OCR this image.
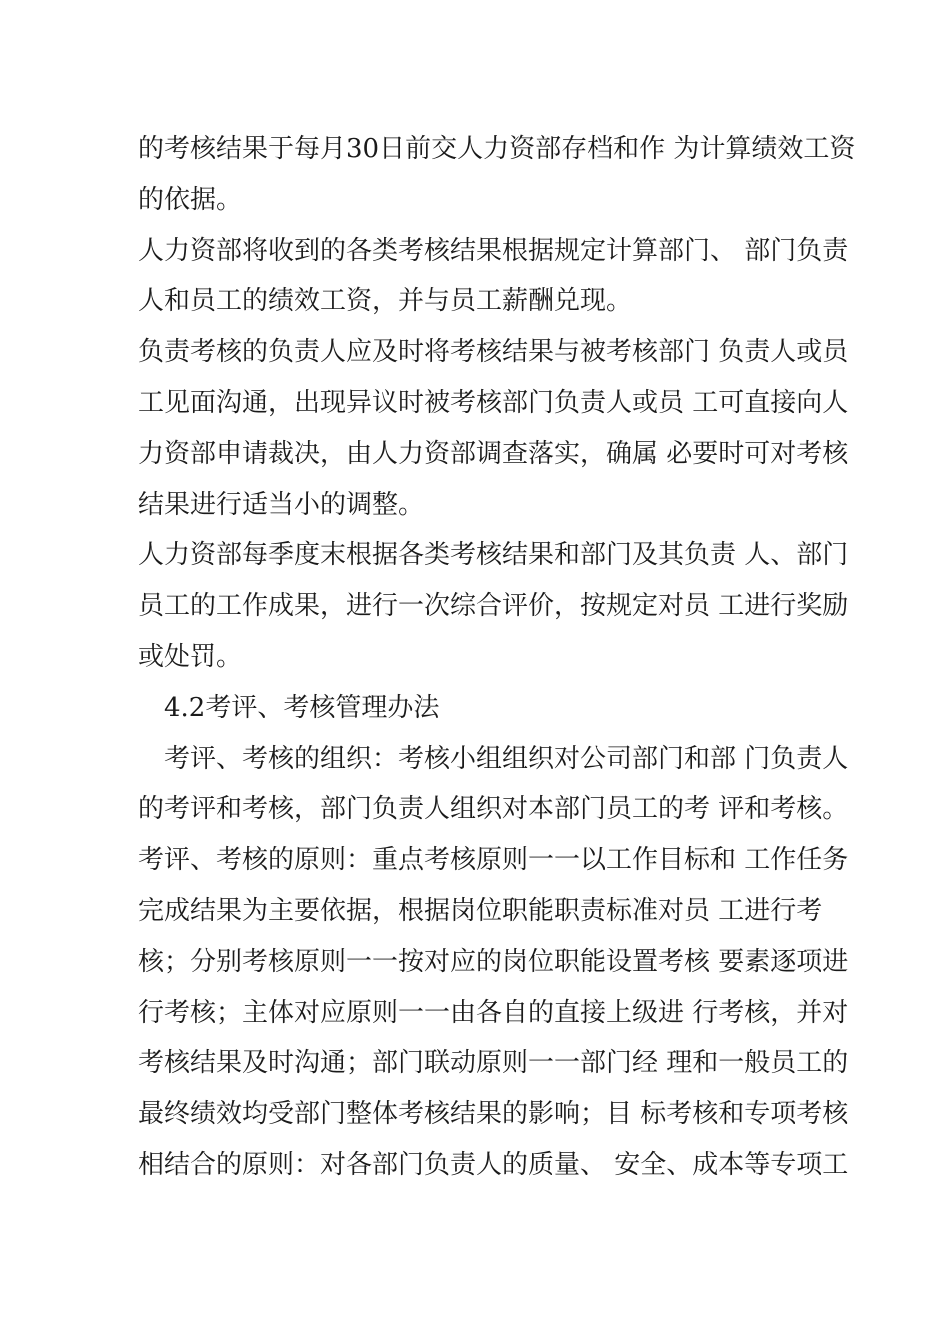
的考核结果于每月30日前交人力资部存档和作 为计算绩效工资
的依据。
人力资部将收到的各类考核结果根据规定计算部门、 部门负责
人和员工的绩效工资，并与员工薪酬兑现。
负责考核的负责人应及时将考核结果与被考核部门 负责人或员
工见面沟通，出现异议时被考核部门负责人或员 工可直接向人
力资部申请裁决，由人力资部调查落实，确属 必要时可对考核
结果进行适当小的调整。
人力资部每季度末根据各类考核结果和部门及其负责 人、部门
员工的工作成果，进行一次综合评价，按规定对员 工进行奖励
或处罚。
4.2考评、考核管理办法
考评、考核的组织：考核小组组织对公司部门和部 门负责人
的考评和考核，部门负责人组织对本部门员工的考 评和考核。
考评、考核的原则：重点考核原则一一以工作目标和 工作任务
完成结果为主要依据，根据岗位职能职责标准对员 工进行考
核；分别考核原则一一按对应的岗位职能设置考核 要素逐项进
行考核；主体对应原则一一由各自的直接上级进 行考核，并对
考核结果及时沟通；部门联动原则一一部门经 理和一般员工的
最终绩效均受部门整体考核结果的影响；目 标考核和专项考核
相结合的原则：对各部门负责人的质量、 安全、成本等专项工
